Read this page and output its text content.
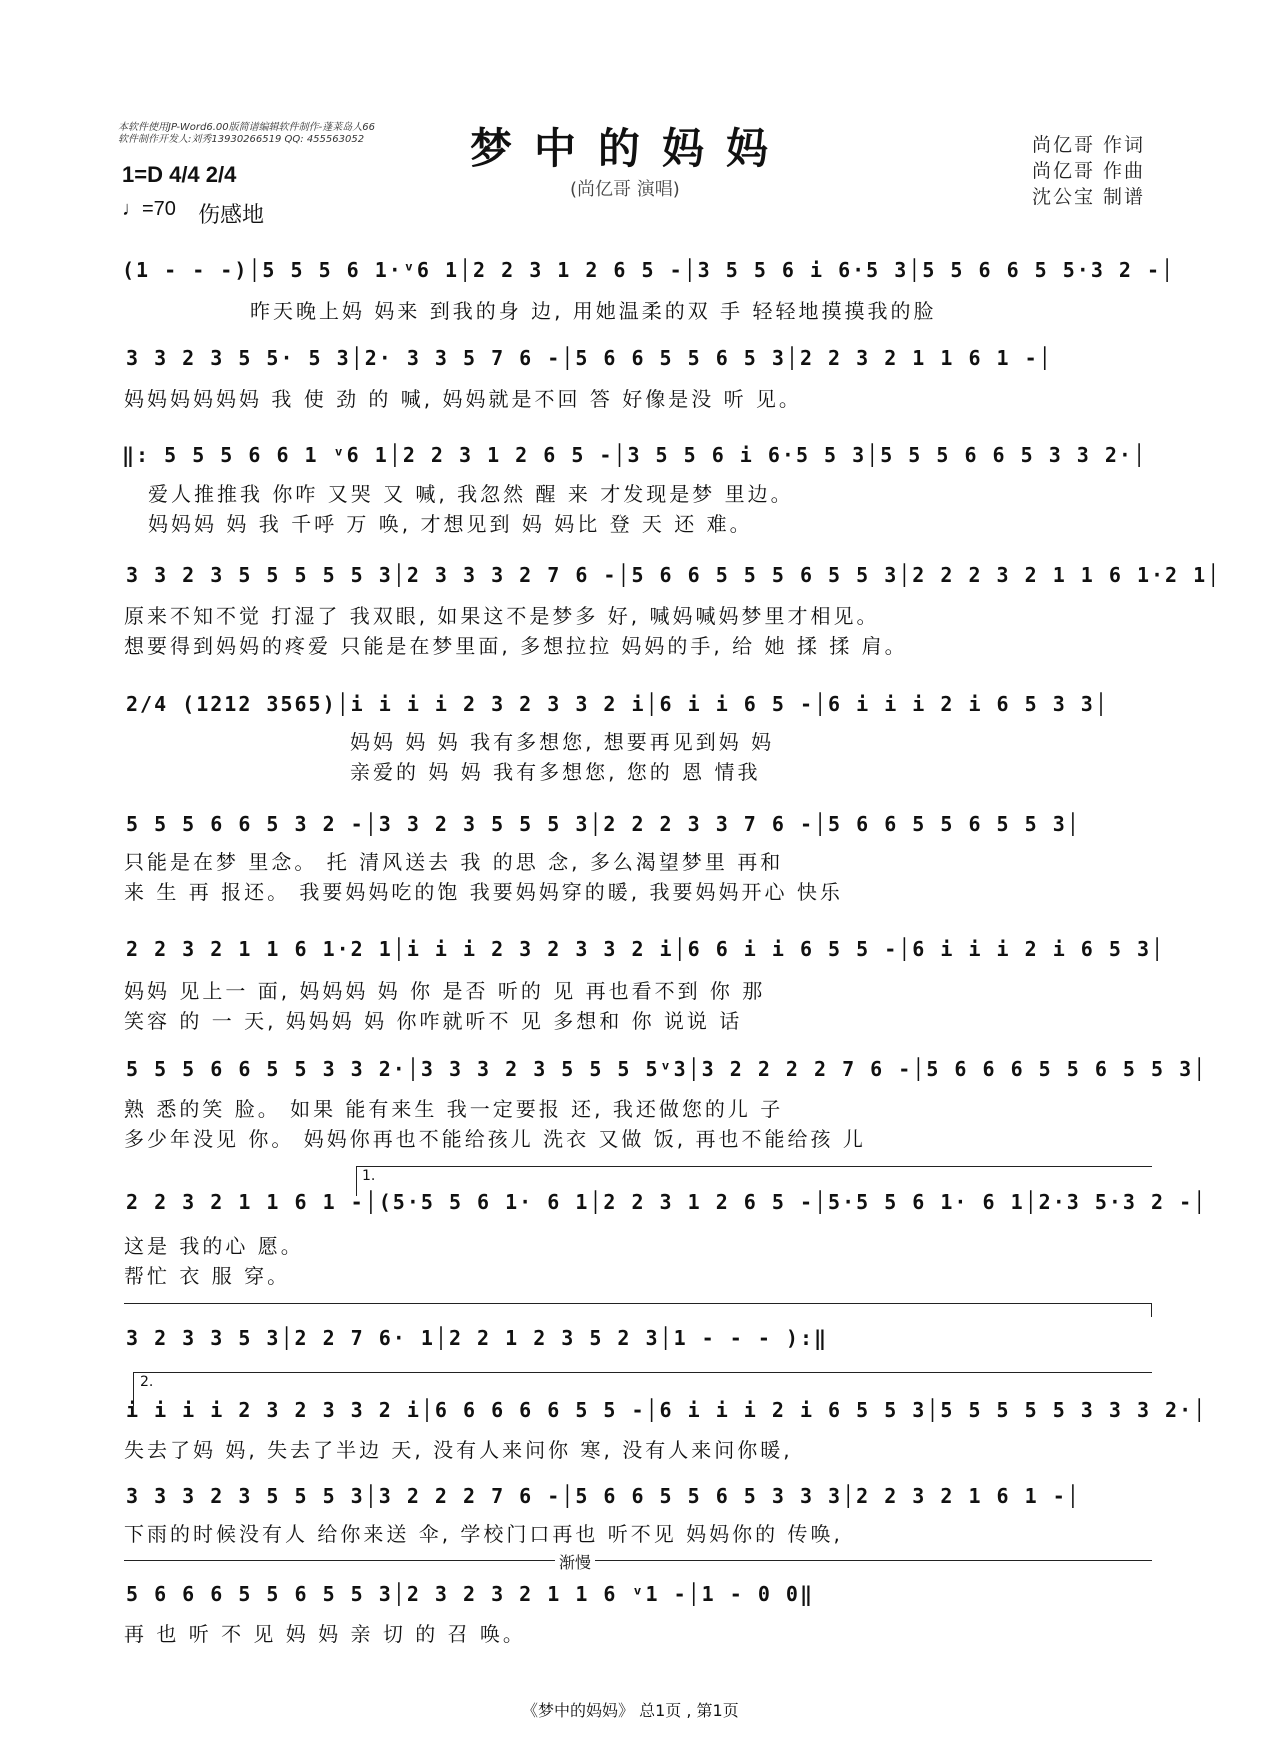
本软件使用JP-Word6.00版简谱编辑软件制作-蓬莱岛人66
软件制作开发人:刘秀13930266519 QQ: 455563052	梦中的妈妈
(尚亿哥 演唱)
尚亿哥 作词
尚亿哥 作曲
沈公宝 制谱
1=D 4/4 2/4
♩=70 伤感地
(1 - - -)│5 5 5 6 1·ᵛ6 1│2 2 3 1 2 6 5 -│3 5 5 6 i 6·5 3│5 5 6 6 5 5·3 2 -│
昨天晚上妈 妈来 到我的身 边, 用她温柔的双 手 轻轻地摸摸我的脸
3 3 2 3 5 5· 5 3│2· 3 3 5 7 6 -│5 6 6 5 5 6 5 3│2 2 3 2 1 1 6 1 -│
妈妈妈妈妈妈 我 使 劲 的 喊, 妈妈就是不回 答 好像是没 听 见。
‖: 5 5 5 6 6 1 ᵛ6 1│2 2 3 1 2 6 5 -│3 5 5 6 i 6·5 5 3│5 5 5 6 6 5 3 3 2·│
爱人推推我 你咋 又哭 又 喊, 我忽然 醒 来 才发现是梦 里边。
妈妈妈 妈 我 千呼 万 唤, 才想见到 妈 妈比 登 天 还 难。
3 3 2 3 5 5 5 5 5 3│2 3 3 3 2 7 6 -│5 6 6 5 5 5 6 5 5 3│2 2 2 3 2 1 1 6 1·2 1│
原来不知不觉 打湿了 我双眼, 如果这不是梦多 好, 喊妈喊妈梦里才相见。
想要得到妈妈的疼爱 只能是在梦里面, 多想拉拉 妈妈的手, 给 她 揉 揉 肩。
2/4 (1212 3565)│i i i i 2 3 2 3 3 2 i│6 i i 6 5 -│6 i i i 2 i 6 5 3 3│
妈妈 妈 妈 我有多想您, 想要再见到妈 妈
亲爱的 妈 妈 我有多想您, 您的 恩 情我
5 5 5 6 6 5 3 2 -│3 3 2 3 5 5 5 3│2 2 2 3 3 7 6 -│5 6 6 5 5 6 5 5 3│
只能是在梦 里念。 托 清风送去 我 的思 念, 多么渴望梦里 再和
来 生 再 报还。 我要妈妈吃的饱 我要妈妈穿的暖, 我要妈妈开心 快乐
2 2 3 2 1 1 6 1·2 1│i i i 2 3 2 3 3 2 i│6 6 i i 6 5 5 -│6 i i i 2 i 6 5 3│
妈妈 见上一 面, 妈妈妈 妈 你 是否 听的 见 再也看不到 你 那
笑容 的 一 天, 妈妈妈 妈 你咋就听不 见 多想和 你 说说 话
5 5 5 6 6 5 5 3 3 2·│3 3 3 2 3 5 5 5 5ᵛ3│3 2 2 2 2 7 6 -│5 6 6 6 5 5 6 5 5 3│
熟 悉的笑 脸。 如果 能有来生 我一定要报 还, 我还做您的儿 子
多少年没见 你。 妈妈你再也不能给孩儿 洗衣 又做 饭, 再也不能给孩 儿
1.
2 2 3 2 1 1 6 1 -│(5·5 5 6 1· 6 1│2 2 3 1 2 6 5 -│5·5 5 6 1· 6 1│2·3 5·3 2 -│
这是 我的心 愿。
帮忙 衣 服 穿。
3 2 3 3 5 3│2 2 7 6· 1│2 2 1 2 3 5 2 3│1 - - - ):‖
2.
i i i i 2 3 2 3 3 2 i│6 6 6 6 6 5 5 -│6 i i i 2 i 6 5 5 3│5 5 5 5 5 3 3 3 2·│
失去了妈 妈, 失去了半边 天, 没有人来问你 寒, 没有人来问你暖,
3 3 3 2 3 5 5 5 3│3 2 2 2 7 6 -│5 6 6 5 5 6 5 3 3 3│2 2 3 2 1 6 1 -│
下雨的时候没有人 给你来送 伞, 学校门口再也 听不见 妈妈你的 传唤,
渐慢
5 6 6 6 5 5 6 5 5 3│2 3 2 3 2 1 1 6 ᵛ1 -│1 - 0 0‖
再 也 听 不 见 妈 妈 亲 切 的 召 唤。
《梦中的妈妈》 总1页 , 第1页
